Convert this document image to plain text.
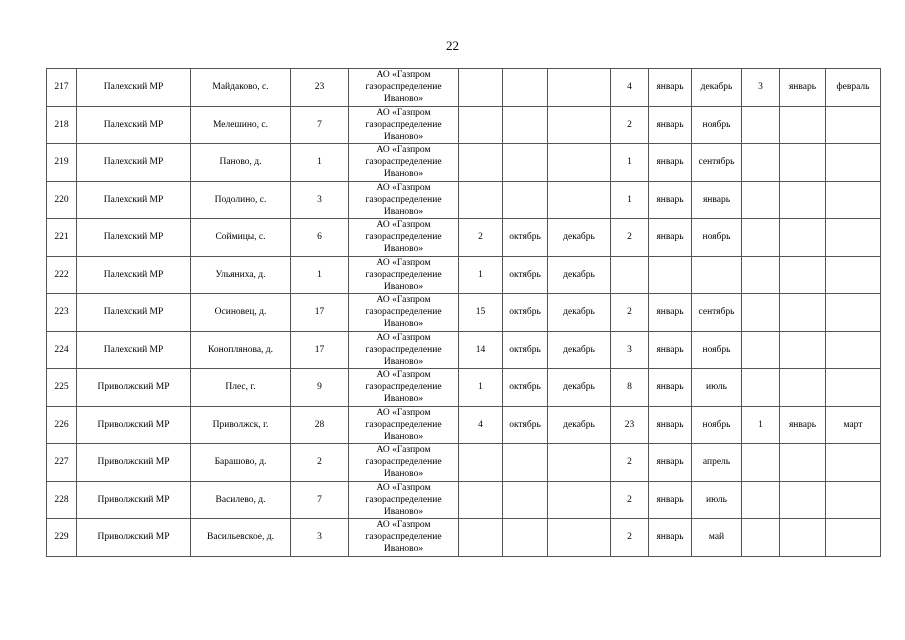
22
217	Палехский МР	Майдаково, с.	23	АО «Газпром
газораспределение
Иваново»				4	январь	декабрь	3	январь	февраль
218	Палехский МР	Мелешино, с.	7	АО «Газпром
газораспределение
Иваново»				2	январь	ноябрь			
219	Палехский МР	Паново, д.	1	АО «Газпром
газораспределение
Иваново»				1	январь	сентябрь			
220	Палехский МР	Подолино, с.	3	АО «Газпром
газораспределение
Иваново»				1	январь	январь			
221	Палехский МР	Соймицы, с.	6	АО «Газпром
газораспределение
Иваново»	2	октябрь	декабрь	2	январь	ноябрь			
222	Палехский МР	Ульяниха, д.	1	АО «Газпром
газораспределение
Иваново»	1	октябрь	декабрь						
223	Палехский МР	Осиновец, д.	17	АО «Газпром
газораспределение
Иваново»	15	октябрь	декабрь	2	январь	сентябрь			
224	Палехский МР	Коноплянова, д.	17	АО «Газпром
газораспределение
Иваново»	14	октябрь	декабрь	3	январь	ноябрь			
225	Приволжский МР	Плес, г.	9	АО «Газпром
газораспределение
Иваново»	1	октябрь	декабрь	8	январь	июль			
226	Приволжский МР	Приволжск, г.	28	АО «Газпром
газораспределение
Иваново»	4	октябрь	декабрь	23	январь	ноябрь	1	январь	март
227	Приволжский МР	Барашово, д.	2	АО «Газпром
газораспределение
Иваново»				2	январь	апрель			
228	Приволжский МР	Василево, д.	7	АО «Газпром
газораспределение
Иваново»				2	январь	июль			
229	Приволжский МР	Васильевское, д.	3	АО «Газпром
газораспределение
Иваново»				2	январь	май			
